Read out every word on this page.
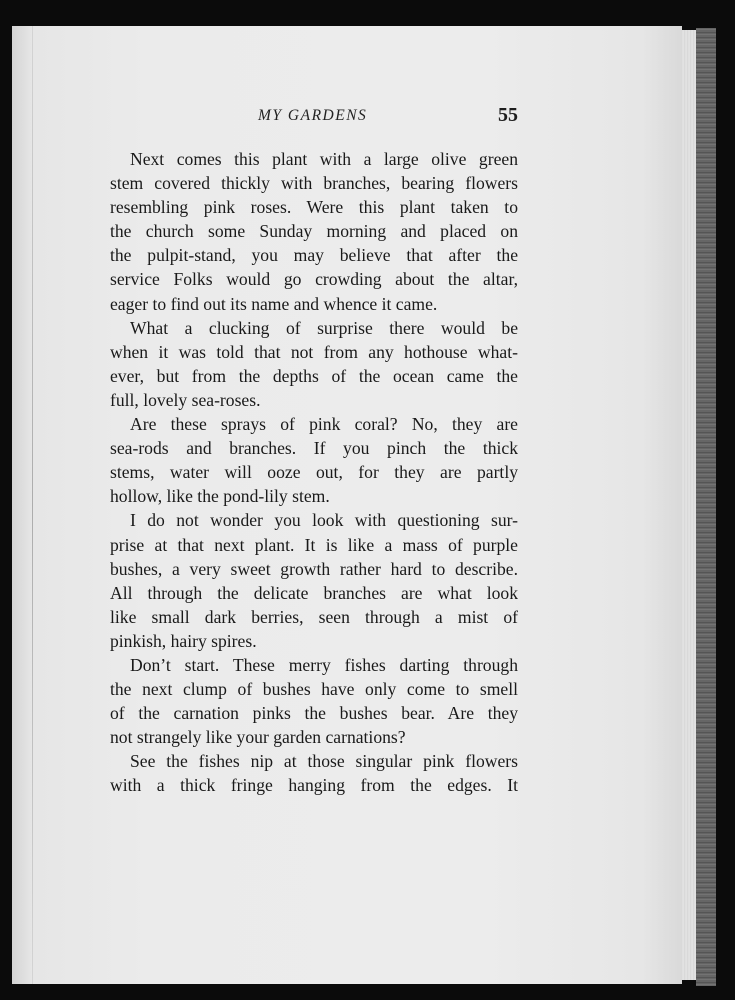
MY GARDENS	55
Next comes this plant with a large olive green
stem covered thickly with branches, bearing flowers
resembling pink roses. Were this plant taken to
the church some Sunday morning and placed on
the pulpit-stand, you may believe that after the
service Folks would go crowding about the altar,
eager to find out its name and whence it came.
What a clucking of surprise there would be
when it was told that not from any hothouse what-
ever, but from the depths of the ocean came the
full, lovely sea-roses.
Are these sprays of pink coral? No, they are
sea-rods and branches. If you pinch the thick
stems, water will ooze out, for they are partly
hollow, like the pond-lily stem.
I do not wonder you look with questioning sur-
prise at that next plant. It is like a mass of purple
bushes, a very sweet growth rather hard to describe.
All through the delicate branches are what look
like small dark berries, seen through a mist of
pinkish, hairy spires.
Don’t start. These merry fishes darting through
the next clump of bushes have only come to smell
of the carnation pinks the bushes bear. Are they
not strangely like your garden carnations?
See the fishes nip at those singular pink flowers
with a thick fringe hanging from the edges. It
